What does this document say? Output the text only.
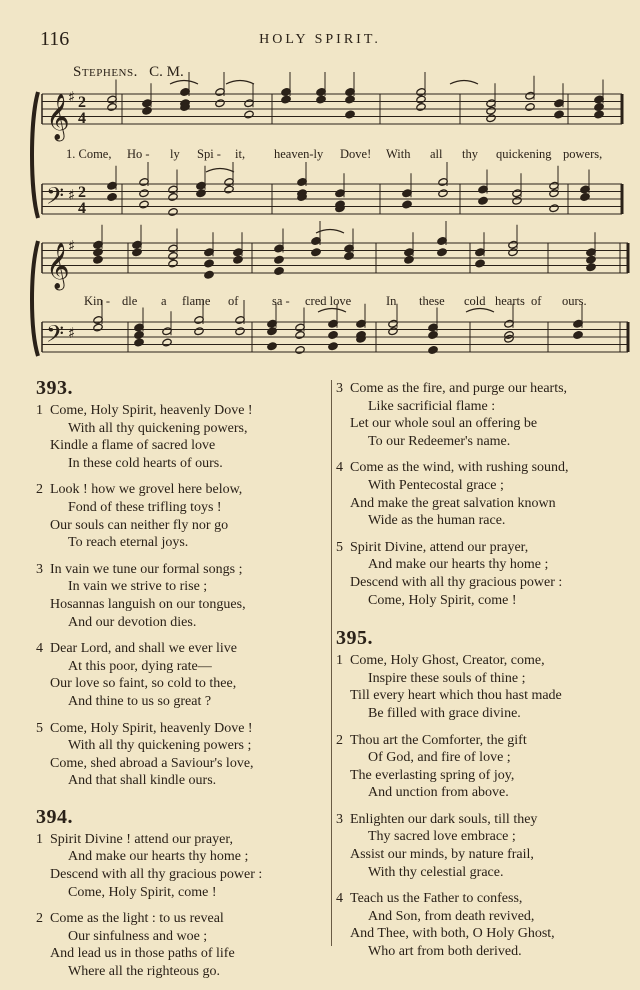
116	HOLY SPIRIT.
Stephens. C. M.
𝄞
♯ 2
4
𝄢 ♯ 2
4
𝄞
♯
𝄢 ♯
1. Come, Ho - ly Spi - it, heaven-ly Dove! With all thy quickening powers,
Kin - dle a flame of	sa - cred love	In these cold hearts of ours.
393.
1 Come, Holy Spirit, heavenly Dove !
With all thy quickening powers,
Kindle a flame of sacred love
In these cold hearts of ours.
2 Look ! how we grovel here below,
Fond of these trifling toys !
Our souls can neither fly nor go
To reach eternal joys.
3 In vain we tune our formal songs ;
In vain we strive to rise ;
Hosannas languish on our tongues,
And our devotion dies.
4 Dear Lord, and shall we ever live
At this poor, dying rate—
Our love so faint, so cold to thee,
And thine to us so great ?
5 Come, Holy Spirit, heavenly Dove !
With all thy quickening powers ;
Come, shed abroad a Saviour's love,
And that shall kindle ours.
394.
1 Spirit Divine ! attend our prayer,
And make our hearts thy home ;
Descend with all thy gracious power :
Come, Holy Spirit, come !
2 Come as the light : to us reveal
Our sinfulness and woe ;
And lead us in those paths of life
Where all the righteous go.
3 Come as the fire, and purge our hearts,
Like sacrificial flame :
Let our whole soul an offering be
To our Redeemer's name.
4 Come as the wind, with rushing sound,
With Pentecostal grace ;
And make the great salvation known
Wide as the human race.
5 Spirit Divine, attend our prayer,
And make our hearts thy home ;
Descend with all thy gracious power :
Come, Holy Spirit, come !
395.
1 Come, Holy Ghost, Creator, come,
Inspire these souls of thine ;
Till every heart which thou hast made
Be filled with grace divine.
2 Thou art the Comforter, the gift
Of God, and fire of love ;
The everlasting spring of joy,
And unction from above.
3 Enlighten our dark souls, till they
Thy sacred love embrace ;
Assist our minds, by nature frail,
With thy celestial grace.
4 Teach us the Father to confess,
And Son, from death revived,
And Thee, with both, O Holy Ghost,
Who art from both derived.
